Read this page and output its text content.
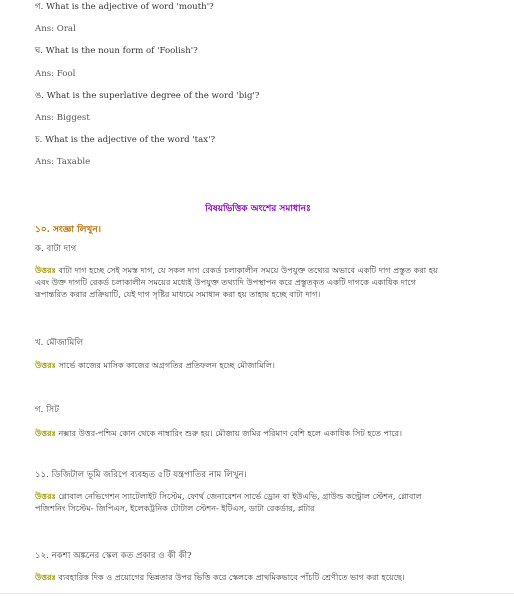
গ. What is the adjective of word 'mouth'?
Ans: Oral
ঘ. What is the noun form of 'Foolish'?
Ans: Fool
ঙ. What is the superlative degree of the word 'big'?
Ans: Biggest
চ. What is the adjective of the word 'tax'?
Ans: Taxable
বিষয়ভিত্তিক অংশের সমাধানঃ
১০. সংজ্ঞা লিখুন।
ক. বাটা দাগ
উত্তরঃ বাটা দাগ হচ্ছে সেই সমস্ত দাগ, যে সকল দাগ রেকর্ড চলাকালীন সময়ে উপযুক্ত তথ্যের অভাবে একটি দাগ প্রস্তুত করা হয়
এবং উক্ত দাগটি রেকর্ড চলাকালীন সময়ের মধ্যেই উপযুক্ত তথ্যাদি উপস্থাপন করে প্রস্তুতকৃত একটি দাগকে একাধিক দাগে
রূপান্তরিত করার প্রক্রিয়াটি, যেই দাগ সৃষ্টির মাধ্যমে সমাধান করা হয় তাহায় হচ্ছে বাটা দাগ।
খ. মৌজামিলি
উত্তরঃ সার্ভে কাজের মাসিক কাজের অগ্রগতির প্রতিফলন হচ্ছে মৌজামিলি।
গ. সিট
উত্তরঃ নক্সার উত্তর-পশ্চিম কোন থেকে নাম্বারিং শুরু হয়। মৌজায় জমির পরিমাণ বেশি হলে একাধিক সিট হতে পারে।
১১. ডিজিটাল ভূমি জরিপে ব্যবহৃত ৫টি যন্ত্রপাতির নাম লিখুন।
উত্তরঃ গ্লোবাল নেভিগেশন স্যাটেলাইট সিস্টেম, ফোর্থ জেনারেশন সার্ভে ড্রোন বা ইউএভি, গ্রাউন্ড কন্ট্রোল স্টেশন, গ্লোবাল
পজিশনিং সিস্টেম- জিপিএস, ইলেকট্রনিক টোটাল স্টেশন- ইটিএস, ডাটা রেকর্ডার, প্লটার
১২. নকশা অঙ্কনের স্কেল কত প্রকার ও কী কী?
উত্তরঃ ব্যবহারিক দিক ও প্রয়োগের ভিন্নতার উপর ভিত্তি করে স্কেলকে প্রাথমিকভাবে পাঁচটি শ্রেণীতে ভাগ করা হয়েছে।
